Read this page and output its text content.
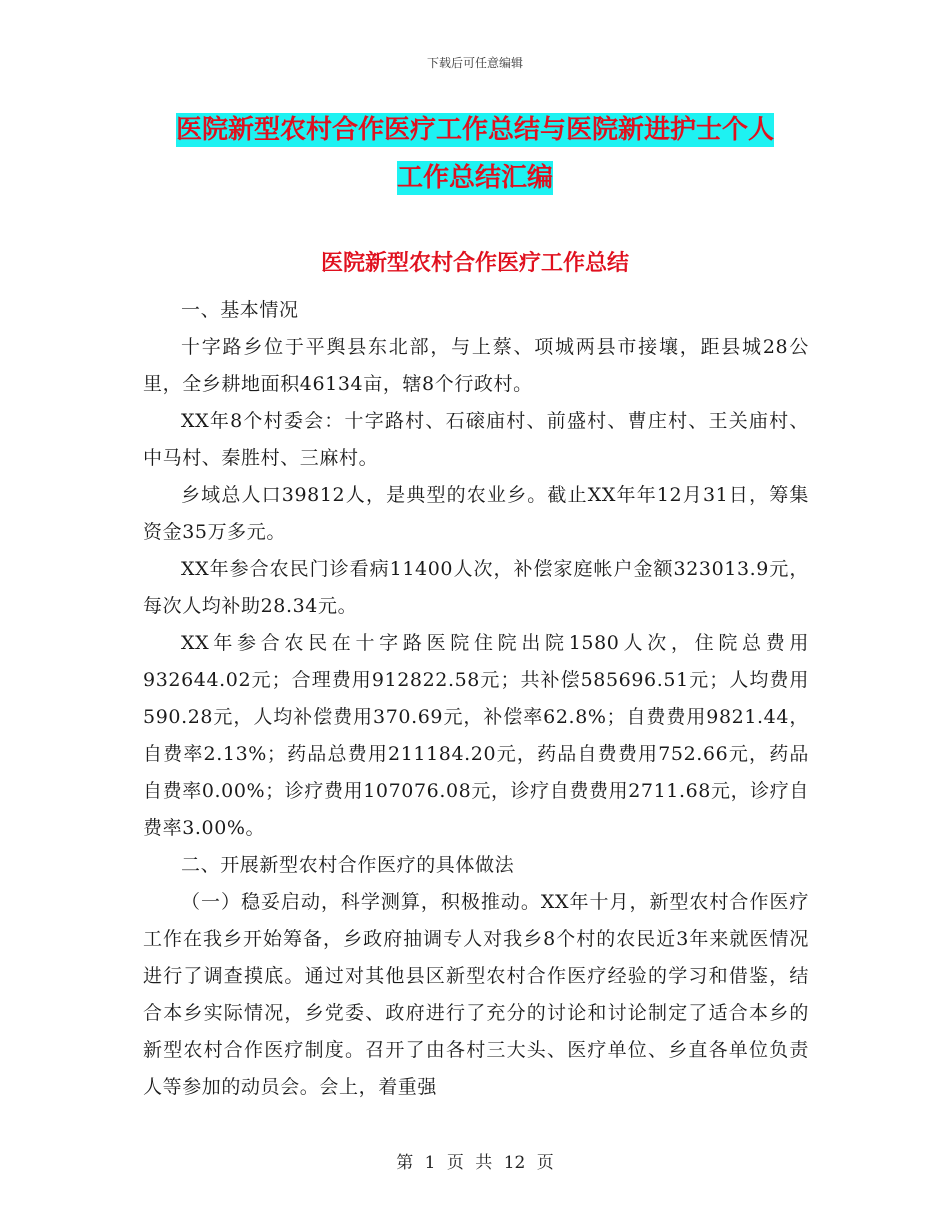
下载后可任意编辑
医院新型农村合作医疗工作总结与医院新进护士个人
工作总结汇编
医院新型农村合作医疗工作总结

一、基本情况

十字路乡位于平舆县东北部，与上蔡、项城两县市接壤，距县城28公里，全乡耕地面积46134亩，辖8个行政村。

XX年8个村委会：十字路村、石磙庙村、前盛村、曹庄村、王关庙村、中马村、秦胜村、三麻村。

乡域总人口39812人，是典型的农业乡。截止XX年年12月31日，筹集资金35万多元。

XX年参合农民门诊看病11400人次，补偿家庭帐户金额323013.9元，每次人均补助28.34元。

XX年参合农民在十字路医院住院出院1580人次，住院总费用932644.02元；合理费用912822.58元；共补偿585696.51元；人均费用590.28元，人均补偿费用370.69元，补偿率62.8%；自费费用9821.44，自费率2.13%；药品总费用211184.20元，药品自费费用752.66元，药品自费率0.00%；诊疗费用107076.08元，诊疗自费费用2711.68元，诊疗自费率3.00%。

二、开展新型农村合作医疗的具体做法

（一）稳妥启动，科学测算，积极推动。XX年十月，新型农村合作医疗工作在我乡开始筹备，乡政府抽调专人对我乡8个村的农民近3年来就医情况进行了调查摸底。通过对其他县区新型农村合作医疗经验的学习和借鉴，结合本乡实际情况，乡党委、政府进行了充分的讨论和讨论制定了适合本乡的新型农村合作医疗制度。召开了由各村三大头、医疗单位、乡直各单位负责人等参加的动员会。会上，着重强

第 1 页 共 12 页
